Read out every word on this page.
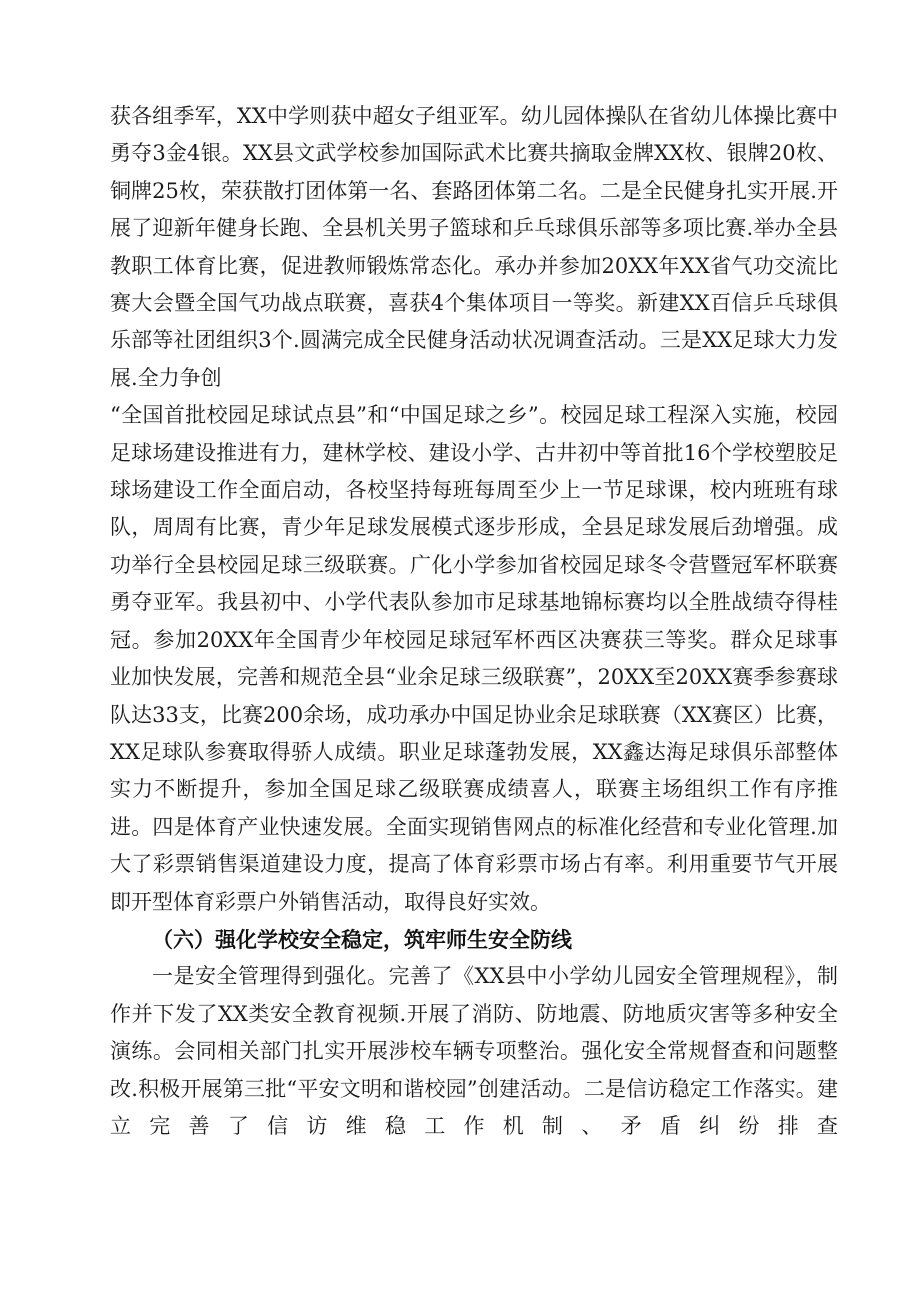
获各组季军，XX中学则获中超女子组亚军。幼儿园体操队在省幼儿体操比赛中勇夺3金4银。XX县文武学校参加国际武术比赛共摘取金牌XX枚、银牌20枚、铜牌25枚，荣获散打团体第一名、套路团体第二名。二是全民健身扎实开展.开展了迎新年健身长跑、全县机关男子篮球和乒乓球俱乐部等多项比赛.举办全县教职工体育比赛，促进教师锻炼常态化。承办并参加20XX年XX省气功交流比赛大会暨全国气功战点联赛，喜获4个集体项目一等奖。新建XX百信乒乓球俱乐部等社团组织3个.圆满完成全民健身活动状况调查活动。三是XX足球大力发展.全力争创

“全国首批校园足球试点县”和“中国足球之乡”。校园足球工程深入实施，校园足球场建设推进有力，建林学校、建设小学、古井初中等首批16个学校塑胶足球场建设工作全面启动，各校坚持每班每周至少上一节足球课，校内班班有球队，周周有比赛，青少年足球发展模式逐步形成，全县足球发展后劲增强。成功举行全县校园足球三级联赛。广化小学参加省校园足球冬令营暨冠军杯联赛勇夺亚军。我县初中、小学代表队参加市足球基地锦标赛均以全胜战绩夺得桂冠。参加20XX年全国青少年校园足球冠军杯西区决赛获三等奖。群众足球事业加快发展，完善和规范全县“业余足球三级联赛”，20XX至20XX赛季参赛球队达33支，比赛200余场，成功承办中国足协业余足球联赛（XX赛区）比赛，XX足球队参赛取得骄人成绩。职业足球蓬勃发展，XX鑫达海足球俱乐部整体实力不断提升，参加全国足球乙级联赛成绩喜人，联赛主场组织工作有序推进。四是体育产业快速发展。全面实现销售网点的标准化经营和专业化管理.加大了彩票销售渠道建设力度，提高了体育彩票市场占有率。利用重要节气开展即开型体育彩票户外销售活动，取得良好实效。

（六）强化学校安全稳定，筑牢师生安全防线

一是安全管理得到强化。完善了《XX县中小学幼儿园安全管理规程》，制作并下发了XX类安全教育视频.开展了消防、防地震、防地质灾害等多种安全演练。会同相关部门扎实开展涉校车辆专项整治。强化安全常规督查和问题整改.积极开展第三批“平安文明和谐校园”创建活动。二是信访稳定工作落实。建立完善了信访维稳工作机制、矛盾纠纷排查
